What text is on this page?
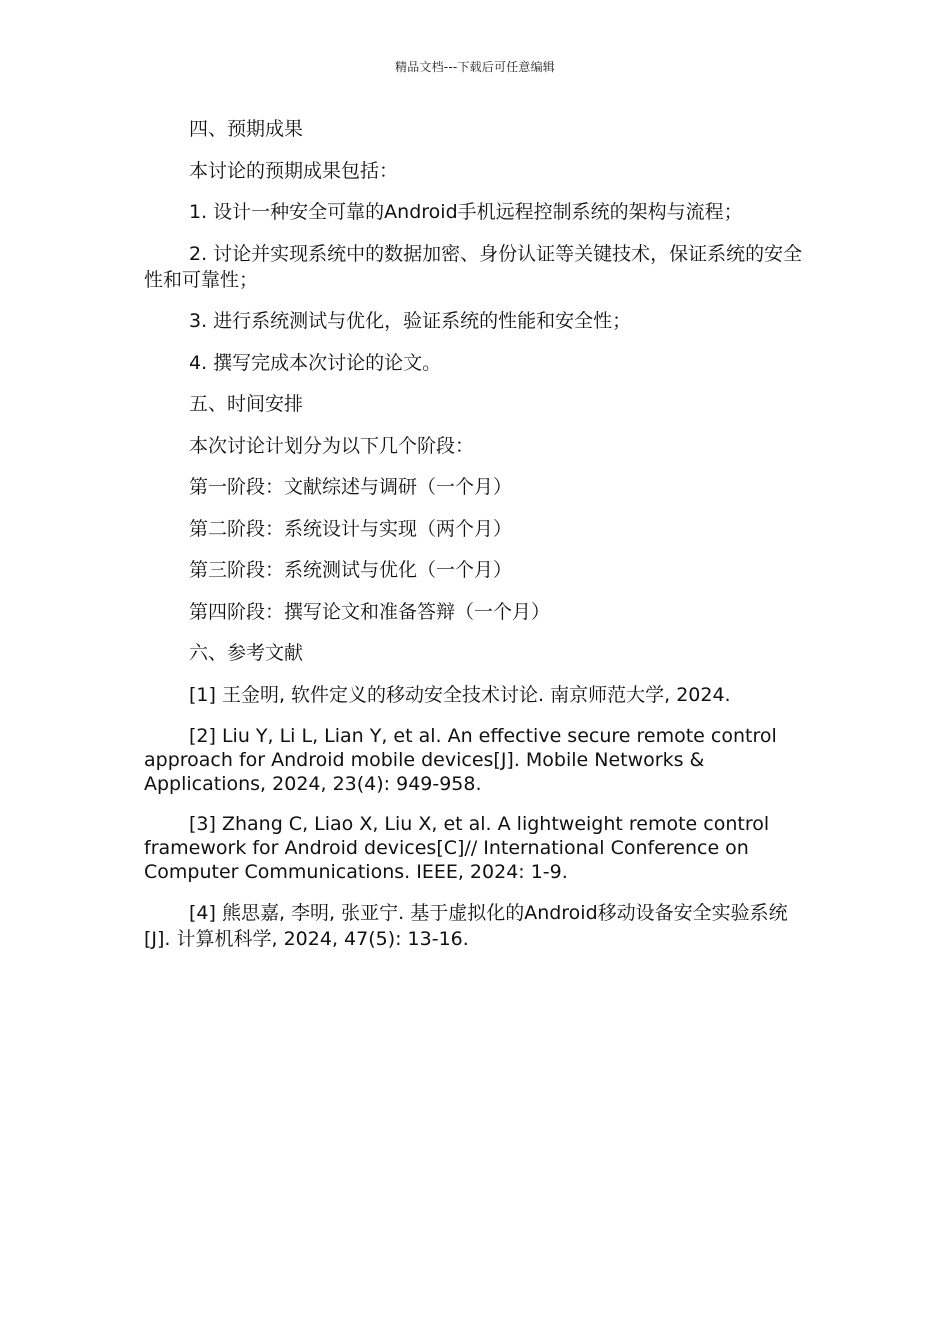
精品文档---下载后可任意编辑

四、预期成果

本讨论的预期成果包括：

1. 设计一种安全可靠的Android手机远程控制系统的架构与流程；

2. 讨论并实现系统中的数据加密、身份认证等关键技术，保证系统的安全性和可靠性；

3. 进行系统测试与优化，验证系统的性能和安全性；

4. 撰写完成本次讨论的论文。

五、时间安排

本次讨论计划分为以下几个阶段：

第一阶段：文献综述与调研（一个月）

第二阶段：系统设计与实现（两个月）

第三阶段：系统测试与优化（一个月）

第四阶段：撰写论文和准备答辩（一个月）

六、参考文献

[1] 王金明, 软件定义的移动安全技术讨论. 南京师范大学, 2024.

[2] Liu Y, Li L, Lian Y, et al. An effective secure remote control approach for Android mobile devices[J]. Mobile Networks & Applications, 2024, 23(4): 949-958.

[3] Zhang C, Liao X, Liu X, et al. A lightweight remote control framework for Android devices[C]// International Conference on Computer Communications. IEEE, 2024: 1-9.

[4] 熊思嘉, 李明, 张亚宁. 基于虚拟化的Android移动设备安全实验系统[J]. 计算机科学, 2024, 47(5): 13-16.
